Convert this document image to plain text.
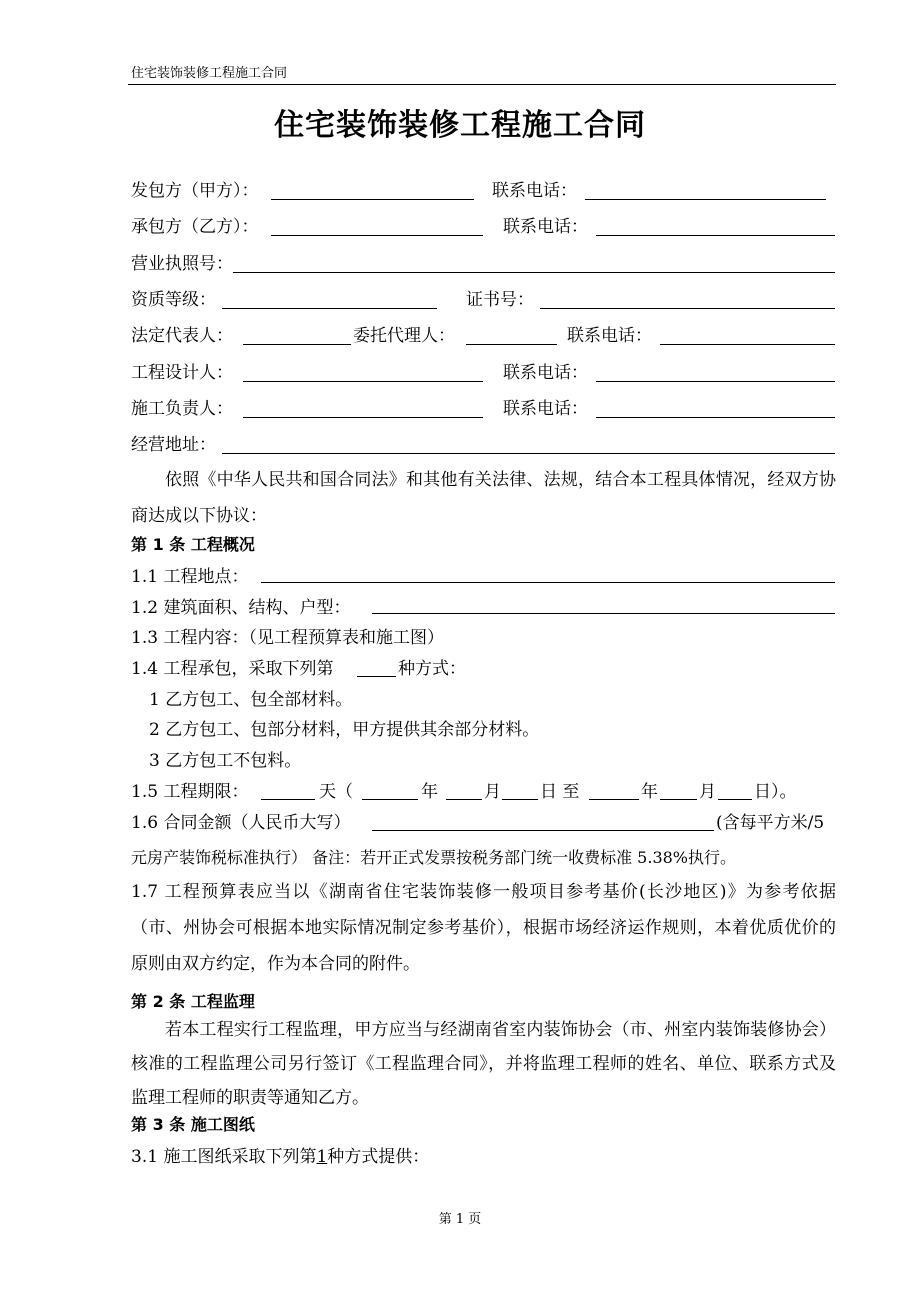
住宅装饰装修工程施工合同
住宅装饰装修工程施工合同
发包方（甲方）：	联系电话：
承包方（乙方）：	联系电话：
营业执照号：
资质等级：	证书号：
法定代表人：	委托代理人：	联系电话：
工程设计人：	联系电话：
施工负责人：	联系电话：
经营地址：
依照《中华人民共和国合同法》和其他有关法律、法规，结合本工程具体情况，经双方协商达成以下协议：
第 1 条 工程概况
1.1 工程地点：
1.2 建筑面积、结构、户型：
1.3 工程内容：（见工程预算表和施工图）
1.4 工程承包，采取下列第	种方式：
1 乙方包工、包全部材料。
2 乙方包工、包部分材料，甲方提供其余部分材料。
3 乙方包工不包料。
1.5 工程期限：	天（	年	月 日 至	年 月 日）。
1.6 合同金额（人民币大写）	(含每平方米/5
元房产装饰税标准执行） 备注：若开正式发票按税务部门统一收费标准 5.38%执行。
1.7 工程预算表应当以《湖南省住宅装饰装修一般项目参考基价(长沙地区)》为参考依据（市、州协会可根据本地实际情况制定参考基价），根据市场经济运作规则，本着优质优价的原则由双方约定，作为本合同的附件。
第 2 条 工程监理
若本工程实行工程监理，甲方应当与经湖南省室内装饰协会（市、州室内装饰装修协会）核准的工程监理公司另行签订《工程监理合同》，并将监理工程师的姓名、单位、联系方式及监理工程师的职责等通知乙方。
第 3 条 施工图纸
3.1 施工图纸采取下列第1种方式提供：
第 1 页
